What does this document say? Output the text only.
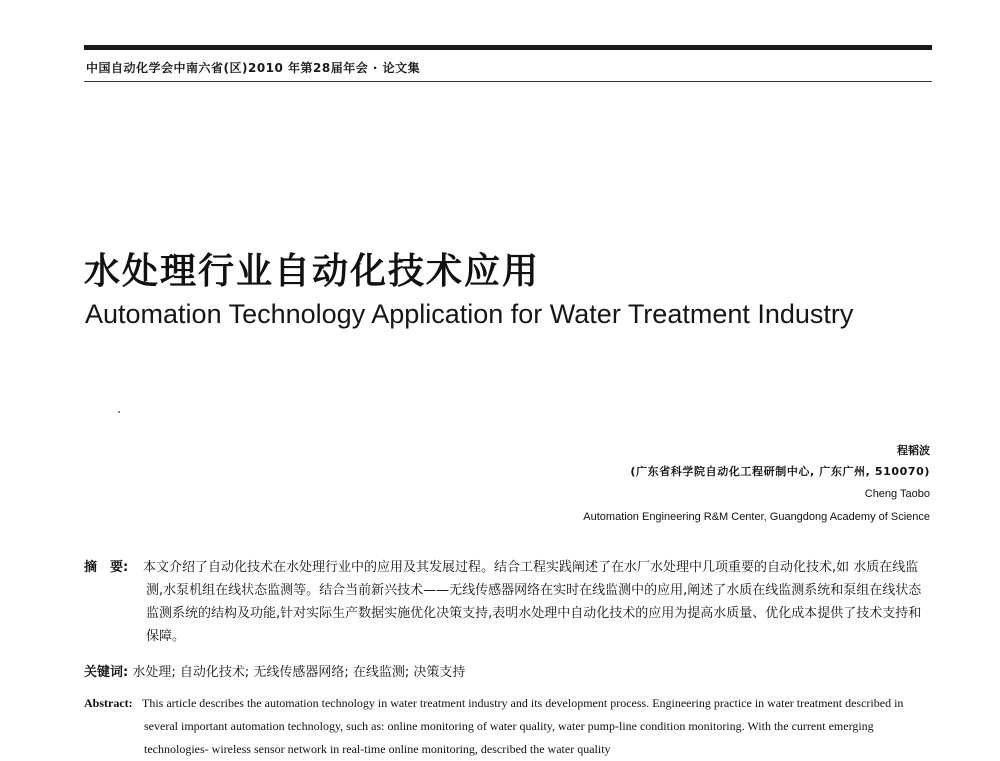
中国自动化学会中南六省(区)2010 年第28届年会 · 论文集
水处理行业自动化技术应用
Automation Technology Application for Water Treatment Industry
程韬波
(广东省科学院自动化工程研制中心, 广东广州, 510070)
Cheng Taobo
Automation Engineering R&M Center, Guangdong Academy of Science
摘　要:	本文介绍了自动化技术在水处理行业中的应用及其发展过程。结合工程实践阐述了在水厂水处理中几项重要的自动化技术,如 水质在线监测,水泵机组在线状态监测等。结合当前新兴技术——无线传感器网络在实时在线监测中的应用,阐述了水质在线监测系统和泵组在线状态监测系统的结构及功能,针对实际生产数据实施优化决策支持,表明水处理中自动化技术的应用为提高水质量、优化成本提供了技术支持和保障。
关键词: 水处理; 自动化技术; 无线传感器网络; 在线监测; 决策支持
Abstract: This article describes the automation technology in water treatment industry and its development process. Engineering practice in water treatment described in several important automation technology, such as: online monitoring of water quality, water pump-line condition monitoring. With the current emerging technologies- wireless sensor network in real-time online monitoring, described the water quality
